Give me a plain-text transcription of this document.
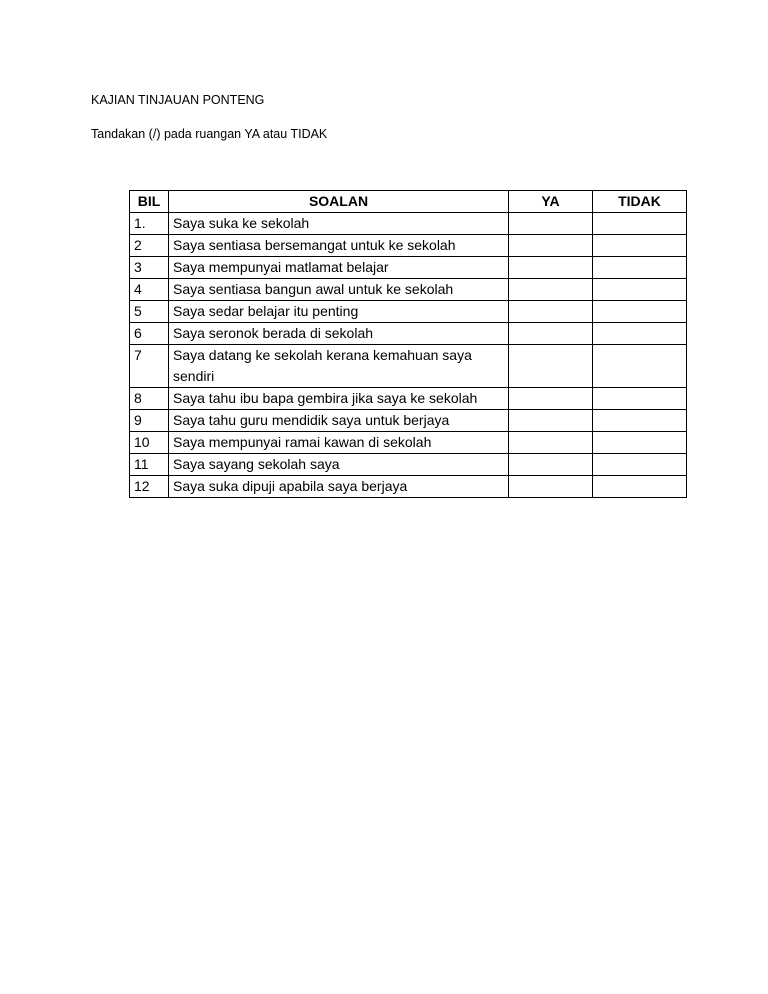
KAJIAN TINJAUAN PONTENG
Tandakan (/) pada ruangan YA atau TIDAK
BIL	SOALAN	YA	TIDAK
1.	Saya suka ke sekolah		
2	Saya sentiasa bersemangat untuk ke sekolah		
3	Saya mempunyai matlamat belajar		
4	Saya sentiasa bangun awal untuk ke sekolah		
5	Saya sedar belajar itu penting		
6	Saya seronok berada di sekolah		
7	Saya datang ke sekolah kerana kemahuan saya sendiri		
8	Saya tahu ibu bapa gembira jika saya ke sekolah		
9	Saya tahu guru mendidik saya untuk berjaya		
10	Saya mempunyai ramai kawan di sekolah		
11	Saya sayang sekolah saya		
12	Saya suka dipuji apabila saya berjaya		
